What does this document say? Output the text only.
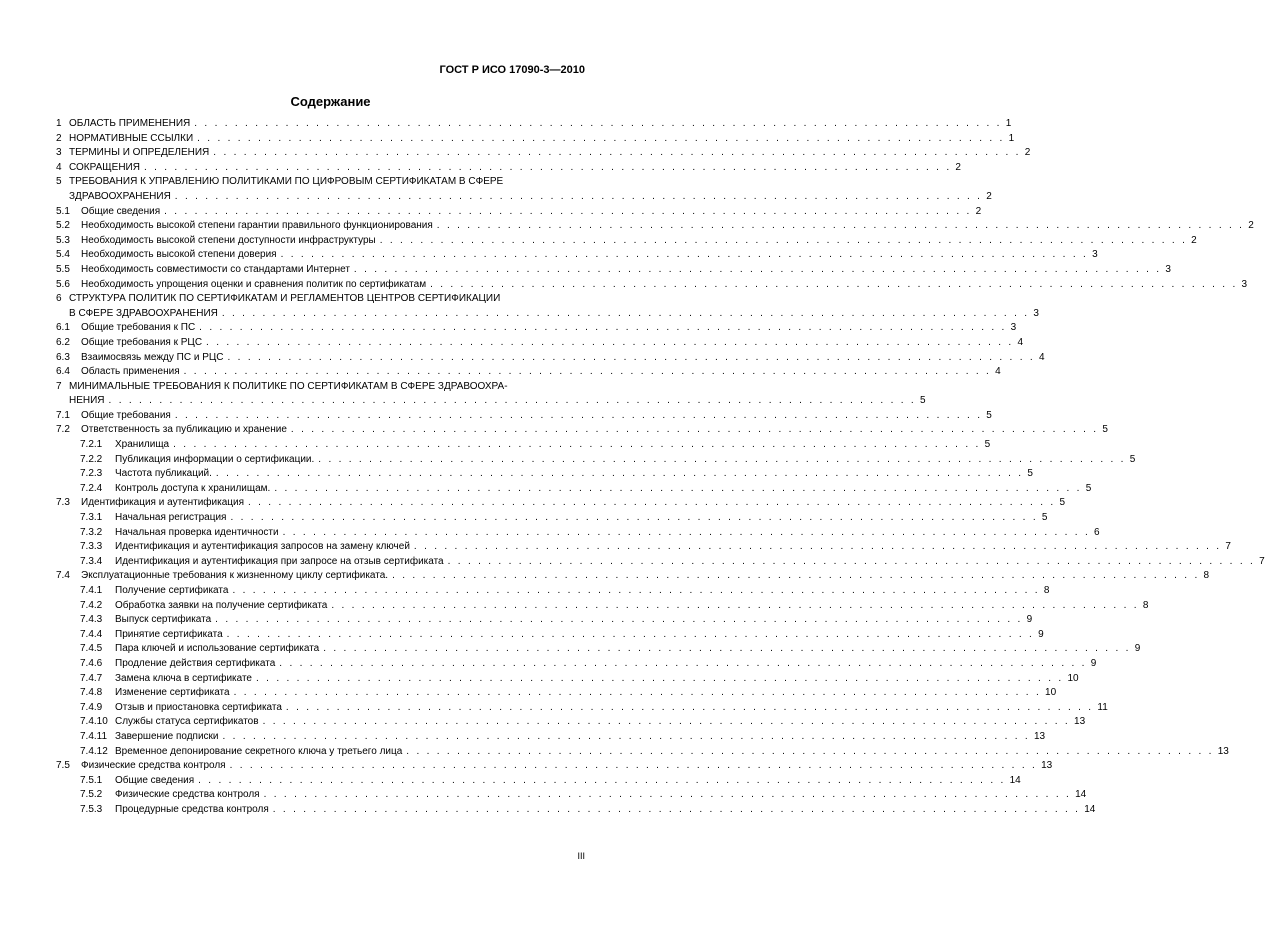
ГОСТ Р ИСО 17090-3—2010
Содержание
1 ОБЛАСТЬ ПРИМЕНЕНИЯ . . . . . . . . . . . . . . . . . . . . . . . . . . . . . . . . . . . . . . . . . . . . . . . . . . . . . . . . . . . . . . . . . . . . . . . . . . . . . . . . 1
2 НОРМАТИВНЫЕ ССЫЛКИ . . . . . . . . . . . . . . . . . . . . . . . . . . . . . . . . . . . . . . . . . . . . . . . . . . . . . . . . . . . . . . . . . . . . . . . . . . . . . . . . 1
3 ТЕРМИНЫ И ОПРЕДЕЛЕНИЯ . . . . . . . . . . . . . . . . . . . . . . . . . . . . . . . . . . . . . . . . . . . . . . . . . . . . . . . . . . . . . . . . . . . . . . . . . . . . . . . . 2
4 СОКРАЩЕНИЯ . . . . . . . . . . . . . . . . . . . . . . . . . . . . . . . . . . . . . . . . . . . . . . . . . . . . . . . . . . . . . . . . . . . . . . . . . . . . . . . . 2
5 ТРЕБОВАНИЯ К УПРАВЛЕНИЮ ПОЛИТИКАМИ ПО ЦИФРОВЫМ СЕРТИФИКАТАМ В СФЕРЕ
ЗДРАВООХРАНЕНИЯ . . . . . . . . . . . . . . . . . . . . . . . . . . . . . . . . . . . . . . . . . . . . . . . . . . . . . . . . . . . . . . . . . . . . . . . . . . . . . . . . 2
5.1	Общие сведения . . . . . . . . . . . . . . . . . . . . . . . . . . . . . . . . . . . . . . . . . . . . . . . . . . . . . . . . . . . . . . . . . . . . . . . . . . . . . . . . 2
5.2	Необходимость высокой степени гарантии правильного функционирования . . . . . . . . . . . . . . . . . . . . . . . . . . . . . . . . . . . . . . . . . . . . . . . . . . . . . . . . . . . . . . . . . . . . . . . . . . . . . . . . 2
5.3	Необходимость высокой степени доступности инфраструктуры . . . . . . . . . . . . . . . . . . . . . . . . . . . . . . . . . . . . . . . . . . . . . . . . . . . . . . . . . . . . . . . . . . . . . . . . . . . . . . . . 2
5.4	Необходимость высокой степени доверия . . . . . . . . . . . . . . . . . . . . . . . . . . . . . . . . . . . . . . . . . . . . . . . . . . . . . . . . . . . . . . . . . . . . . . . . . . . . . . . . 3
5.5	Необходимость совместимости со стандартами Интернет . . . . . . . . . . . . . . . . . . . . . . . . . . . . . . . . . . . . . . . . . . . . . . . . . . . . . . . . . . . . . . . . . . . . . . . . . . . . . . . . 3
5.6	Необходимость упрощения оценки и сравнения политик по сертификатам . . . . . . . . . . . . . . . . . . . . . . . . . . . . . . . . . . . . . . . . . . . . . . . . . . . . . . . . . . . . . . . . . . . . . . . . . . . . . . . . 3
6 СТРУКТУРА ПОЛИТИК ПО СЕРТИФИКАТАМ И РЕГЛАМЕНТОВ ЦЕНТРОВ СЕРТИФИКАЦИИ
В СФЕРЕ ЗДРАВООХРАНЕНИЯ . . . . . . . . . . . . . . . . . . . . . . . . . . . . . . . . . . . . . . . . . . . . . . . . . . . . . . . . . . . . . . . . . . . . . . . . . . . . . . . . 3
6.1	Общие требования к ПС . . . . . . . . . . . . . . . . . . . . . . . . . . . . . . . . . . . . . . . . . . . . . . . . . . . . . . . . . . . . . . . . . . . . . . . . . . . . . . . . 3
6.2	Общие требования к РЦС . . . . . . . . . . . . . . . . . . . . . . . . . . . . . . . . . . . . . . . . . . . . . . . . . . . . . . . . . . . . . . . . . . . . . . . . . . . . . . . . 4
6.3	Взаимосвязь между ПС и РЦС . . . . . . . . . . . . . . . . . . . . . . . . . . . . . . . . . . . . . . . . . . . . . . . . . . . . . . . . . . . . . . . . . . . . . . . . . . . . . . . . 4
6.4	Область применения . . . . . . . . . . . . . . . . . . . . . . . . . . . . . . . . . . . . . . . . . . . . . . . . . . . . . . . . . . . . . . . . . . . . . . . . . . . . . . . . 4
7 МИНИМАЛЬНЫЕ ТРЕБОВАНИЯ К ПОЛИТИКЕ ПО СЕРТИФИКАТАМ В СФЕРЕ ЗДРАВООХРА-
НЕНИЯ . . . . . . . . . . . . . . . . . . . . . . . . . . . . . . . . . . . . . . . . . . . . . . . . . . . . . . . . . . . . . . . . . . . . . . . . . . . . . . . . 5
7.1	Общие требования . . . . . . . . . . . . . . . . . . . . . . . . . . . . . . . . . . . . . . . . . . . . . . . . . . . . . . . . . . . . . . . . . . . . . . . . . . . . . . . . 5
7.2	Ответственность за публикацию и хранение . . . . . . . . . . . . . . . . . . . . . . . . . . . . . . . . . . . . . . . . . . . . . . . . . . . . . . . . . . . . . . . . . . . . . . . . . . . . . . . . 5
7.2.1	Хранилища . . . . . . . . . . . . . . . . . . . . . . . . . . . . . . . . . . . . . . . . . . . . . . . . . . . . . . . . . . . . . . . . . . . . . . . . . . . . . . . . 5
7.2.2	Публикация информации о сертификации. . . . . . . . . . . . . . . . . . . . . . . . . . . . . . . . . . . . . . . . . . . . . . . . . . . . . . . . . . . . . . . . . . . . . . . . . . . . . . . . . 5
7.2.3	Частота публикаций. . . . . . . . . . . . . . . . . . . . . . . . . . . . . . . . . . . . . . . . . . . . . . . . . . . . . . . . . . . . . . . . . . . . . . . . . . . . . . . . . 5
7.2.4	Контроль доступа к хранилищам. . . . . . . . . . . . . . . . . . . . . . . . . . . . . . . . . . . . . . . . . . . . . . . . . . . . . . . . . . . . . . . . . . . . . . . . . . . . . . . . . 5
7.3	Идентификация и аутентификация . . . . . . . . . . . . . . . . . . . . . . . . . . . . . . . . . . . . . . . . . . . . . . . . . . . . . . . . . . . . . . . . . . . . . . . . . . . . . . . . 5
7.3.1	Начальная регистрация . . . . . . . . . . . . . . . . . . . . . . . . . . . . . . . . . . . . . . . . . . . . . . . . . . . . . . . . . . . . . . . . . . . . . . . . . . . . . . . . 5
7.3.2	Начальная проверка идентичности . . . . . . . . . . . . . . . . . . . . . . . . . . . . . . . . . . . . . . . . . . . . . . . . . . . . . . . . . . . . . . . . . . . . . . . . . . . . . . . . 6
7.3.3	Идентификация и аутентификация запросов на замену ключей . . . . . . . . . . . . . . . . . . . . . . . . . . . . . . . . . . . . . . . . . . . . . . . . . . . . . . . . . . . . . . . . . . . . . . . . . . . . . . . . 7
7.3.4	Идентификация и аутентификация при запросе на отзыв сертификата . . . . . . . . . . . . . . . . . . . . . . . . . . . . . . . . . . . . . . . . . . . . . . . . . . . . . . . . . . . . . . . . . . . . . . . . . . . . . . . . 7
7.4	Эксплуатационные требования к жизненному циклу сертификата. . . . . . . . . . . . . . . . . . . . . . . . . . . . . . . . . . . . . . . . . . . . . . . . . . . . . . . . . . . . . . . . . . . . . . . . . . . . . . . . . 8
7.4.1	Получение сертификата . . . . . . . . . . . . . . . . . . . . . . . . . . . . . . . . . . . . . . . . . . . . . . . . . . . . . . . . . . . . . . . . . . . . . . . . . . . . . . . . 8
7.4.2	Обработка заявки на получение сертификата . . . . . . . . . . . . . . . . . . . . . . . . . . . . . . . . . . . . . . . . . . . . . . . . . . . . . . . . . . . . . . . . . . . . . . . . . . . . . . . . 8
7.4.3	Выпуск сертификата . . . . . . . . . . . . . . . . . . . . . . . . . . . . . . . . . . . . . . . . . . . . . . . . . . . . . . . . . . . . . . . . . . . . . . . . . . . . . . . . 9
7.4.4	Принятие сертификата . . . . . . . . . . . . . . . . . . . . . . . . . . . . . . . . . . . . . . . . . . . . . . . . . . . . . . . . . . . . . . . . . . . . . . . . . . . . . . . . 9
7.4.5	Пара ключей и использование сертификата . . . . . . . . . . . . . . . . . . . . . . . . . . . . . . . . . . . . . . . . . . . . . . . . . . . . . . . . . . . . . . . . . . . . . . . . . . . . . . . . 9
7.4.6	Продление действия сертификата . . . . . . . . . . . . . . . . . . . . . . . . . . . . . . . . . . . . . . . . . . . . . . . . . . . . . . . . . . . . . . . . . . . . . . . . . . . . . . . . 9
7.4.7	Замена ключа в сертификате . . . . . . . . . . . . . . . . . . . . . . . . . . . . . . . . . . . . . . . . . . . . . . . . . . . . . . . . . . . . . . . . . . . . . . . . . . . . . . . . 10
7.4.8	Изменение сертификата . . . . . . . . . . . . . . . . . . . . . . . . . . . . . . . . . . . . . . . . . . . . . . . . . . . . . . . . . . . . . . . . . . . . . . . . . . . . . . . . 10
7.4.9	Отзыв и приостановка сертификата . . . . . . . . . . . . . . . . . . . . . . . . . . . . . . . . . . . . . . . . . . . . . . . . . . . . . . . . . . . . . . . . . . . . . . . . . . . . . . . . 11
7.4.10 Службы статуса сертификатов . . . . . . . . . . . . . . . . . . . . . . . . . . . . . . . . . . . . . . . . . . . . . . . . . . . . . . . . . . . . . . . . . . . . . . . . . . . . . . . . 13
7.4.11 Завершение подписки . . . . . . . . . . . . . . . . . . . . . . . . . . . . . . . . . . . . . . . . . . . . . . . . . . . . . . . . . . . . . . . . . . . . . . . . . . . . . . . . 13
7.4.12 Временное депонирование секретного ключа у третьего лица . . . . . . . . . . . . . . . . . . . . . . . . . . . . . . . . . . . . . . . . . . . . . . . . . . . . . . . . . . . . . . . . . . . . . . . . . . . . . . . . 13
7.5	Физические средства контроля . . . . . . . . . . . . . . . . . . . . . . . . . . . . . . . . . . . . . . . . . . . . . . . . . . . . . . . . . . . . . . . . . . . . . . . . . . . . . . . . 13
7.5.1	Общие сведения . . . . . . . . . . . . . . . . . . . . . . . . . . . . . . . . . . . . . . . . . . . . . . . . . . . . . . . . . . . . . . . . . . . . . . . . . . . . . . . . 14
7.5.2	Физические средства контроля . . . . . . . . . . . . . . . . . . . . . . . . . . . . . . . . . . . . . . . . . . . . . . . . . . . . . . . . . . . . . . . . . . . . . . . . . . . . . . . . 14
7.5.3	Процедурные средства контроля . . . . . . . . . . . . . . . . . . . . . . . . . . . . . . . . . . . . . . . . . . . . . . . . . . . . . . . . . . . . . . . . . . . . . . . . . . . . . . . . 14
III
